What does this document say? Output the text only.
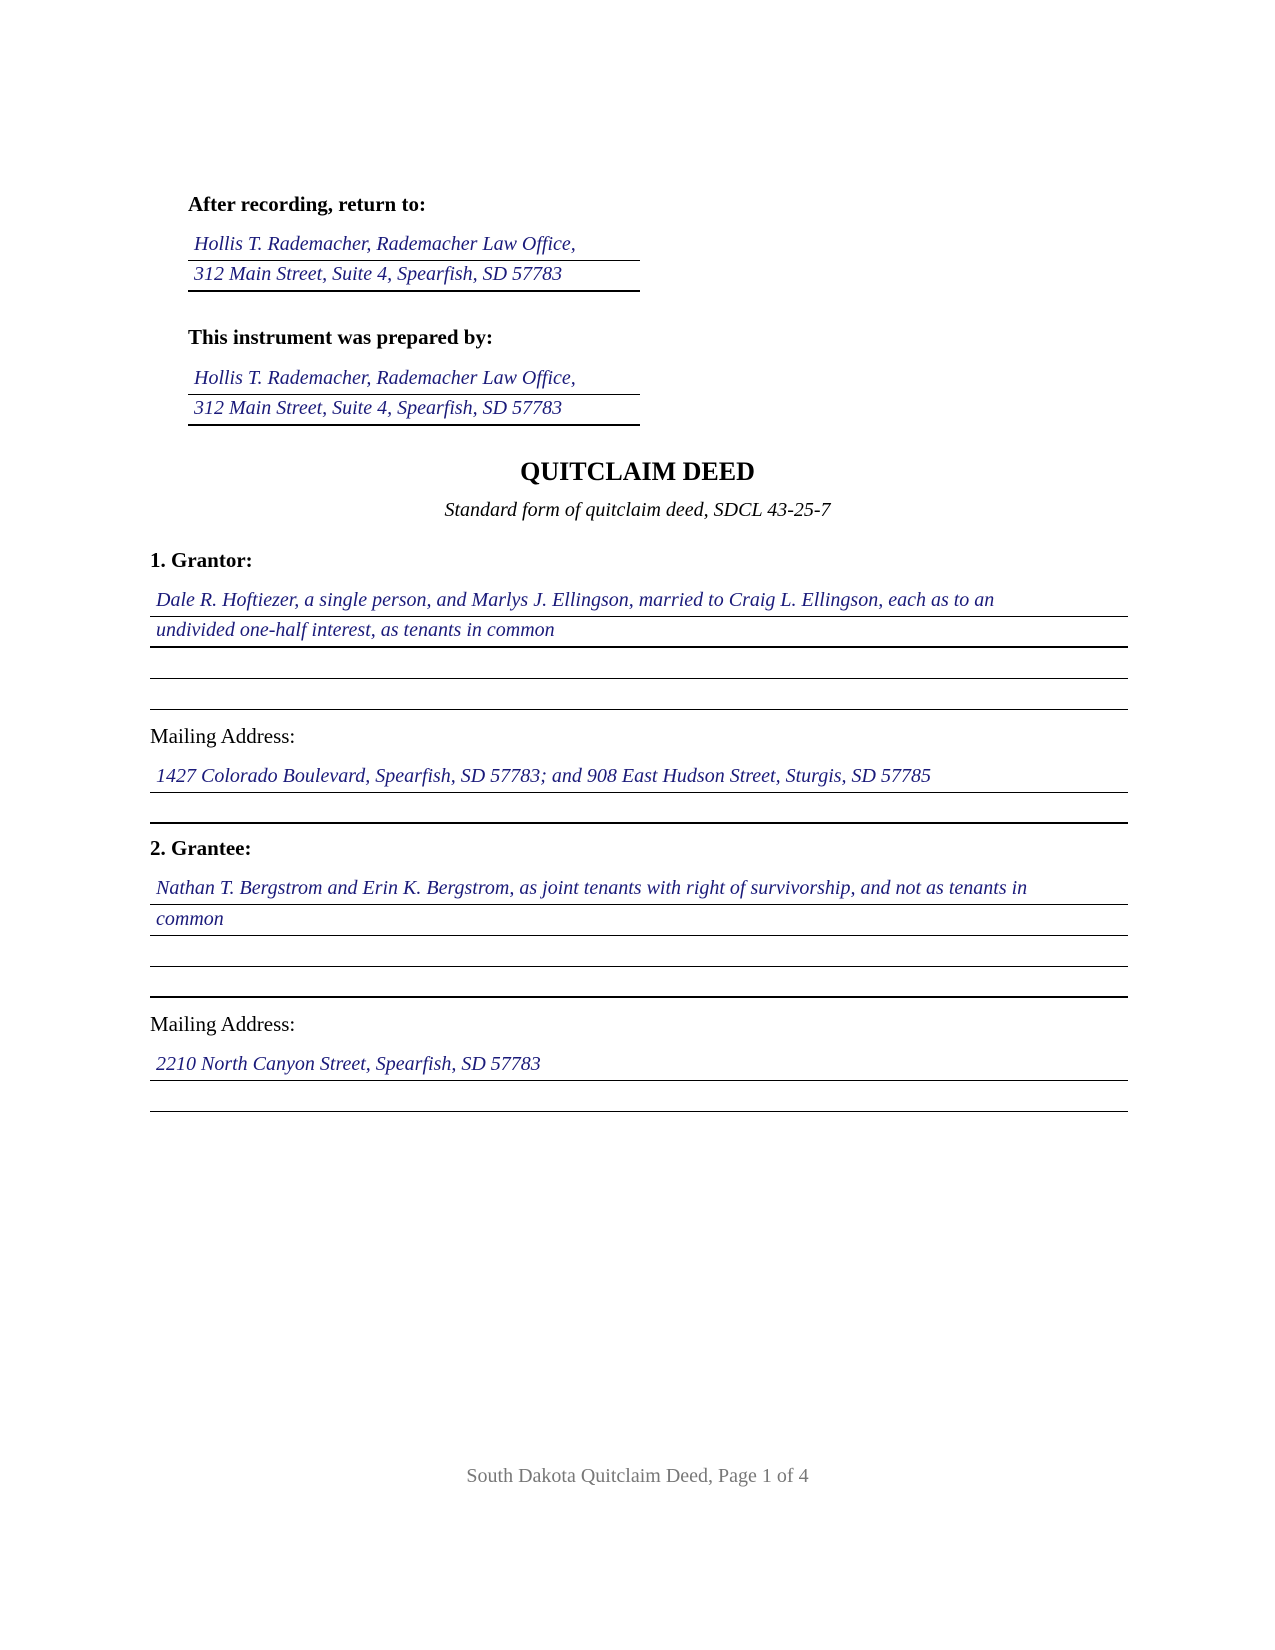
After recording, return to:
Hollis T. Rademacher, Rademacher Law Office,
312 Main Street, Suite 4, Spearfish, SD 57783
This instrument was prepared by:
Hollis T. Rademacher, Rademacher Law Office,
312 Main Street, Suite 4, Spearfish, SD 57783
QUITCLAIM DEED
Standard form of quitclaim deed, SDCL 43-25-7
1. Grantor:
Dale R. Hoftiezer, a single person, and Marlys J. Ellingson, married to Craig L. Ellingson, each as to an
undivided one-half interest, as tenants in common
Mailing Address:
1427 Colorado Boulevard, Spearfish, SD 57783; and 908 East Hudson Street, Sturgis, SD 57785
2. Grantee:
Nathan T. Bergstrom and Erin K. Bergstrom, as joint tenants with right of survivorship, and not as tenants in
common
Mailing Address:
2210 North Canyon Street, Spearfish, SD 57783
South Dakota Quitclaim Deed, Page 1 of 4
